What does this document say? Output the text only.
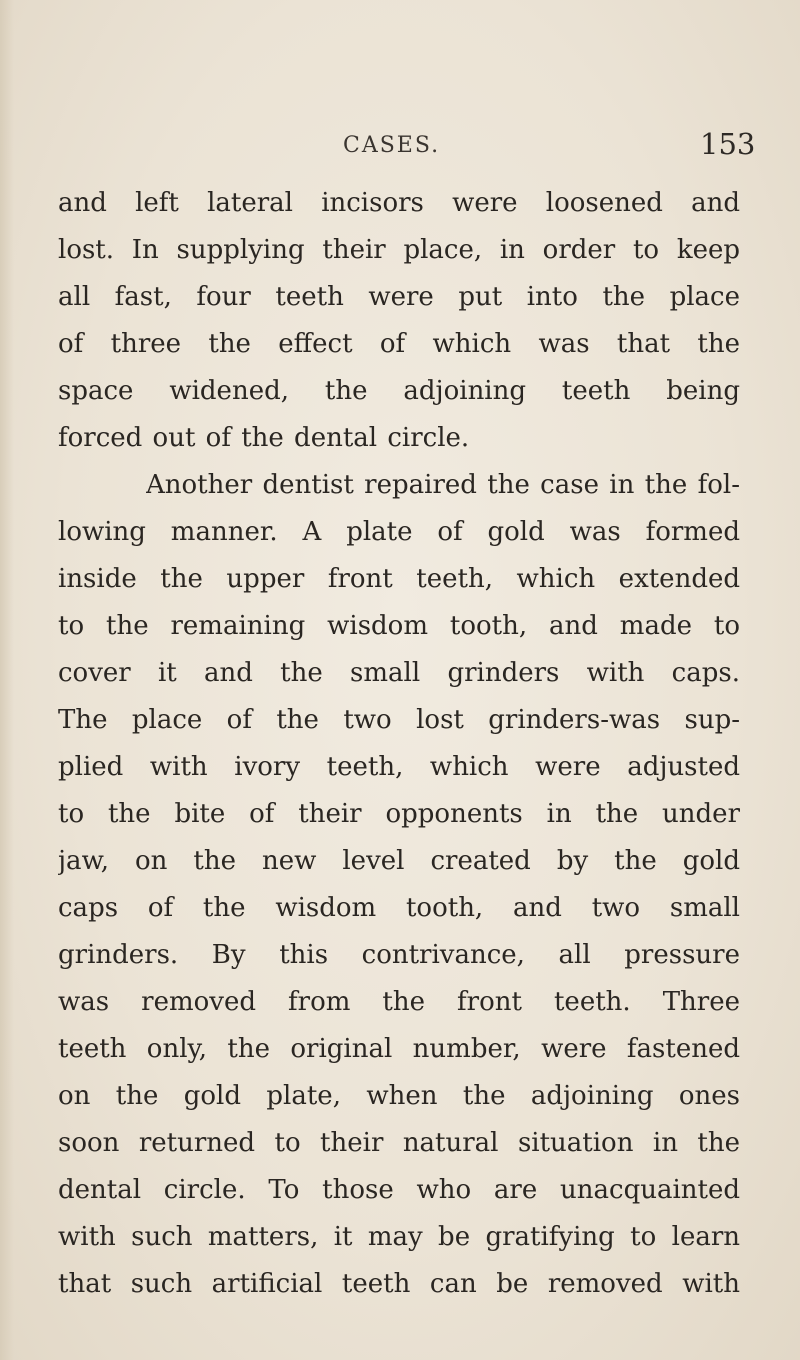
CASES.	153
and left lateral incisors were loosened and
lost. In supplying their place, in order to keep
all fast, four teeth were put into the place
of three the effect of which was that the
space widened, the adjoining teeth being
forced out of the dental circle.
Another dentist repaired the case in the fol-
lowing manner. A plate of gold was formed
inside the upper front teeth, which extended
to the remaining wisdom tooth, and made to
cover it and the small grinders with caps.
The place of the two lost grinders-was sup-
plied with ivory teeth, which were adjusted
to the bite of their opponents in the under
jaw, on the new level created by the gold
caps of the wisdom tooth, and two small
grinders. By this contrivance, all pressure
was removed from the front teeth. Three
teeth only, the original number, were fastened
on the gold plate, when the adjoining ones
soon returned to their natural situation in the
dental circle. To those who are unacquainted
with such matters, it may be gratifying to learn
that such artificial teeth can be removed with
